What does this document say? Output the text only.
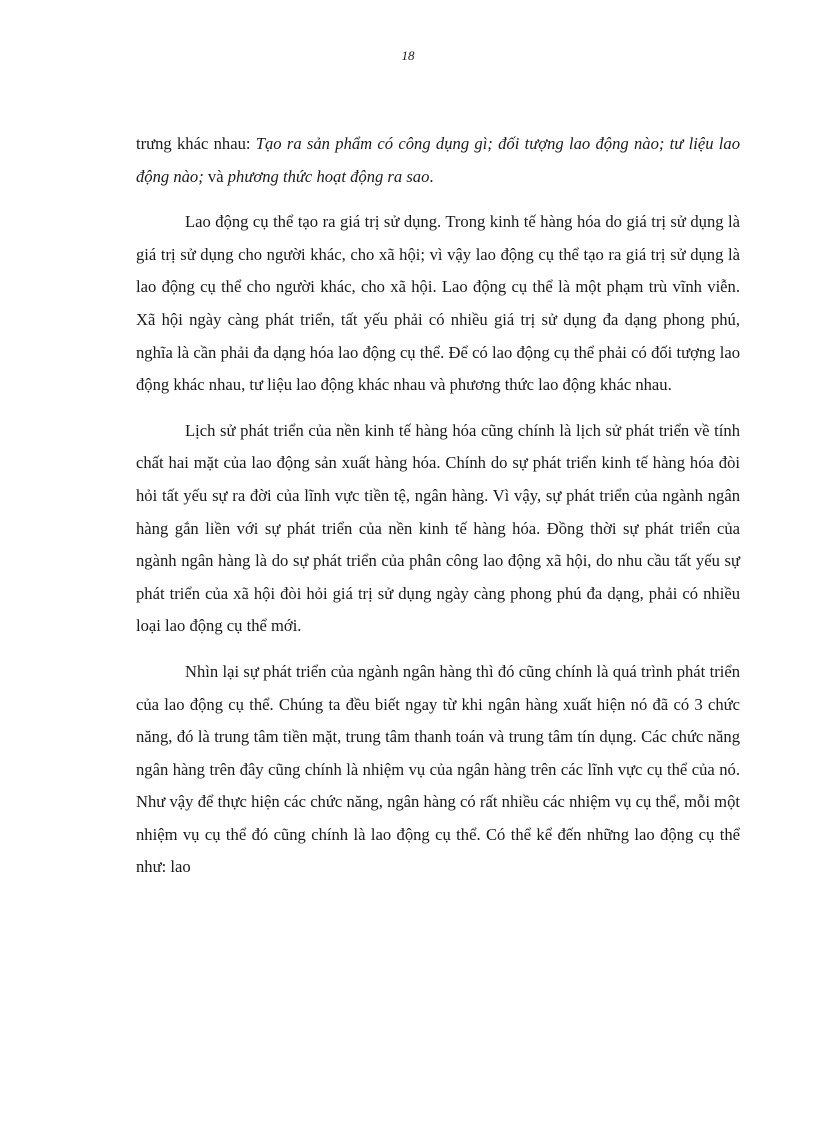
18

trưng khác nhau: Tạo ra sản phẩm có công dụng gì; đối tượng lao động nào; tư liệu lao động nào; và phương thức hoạt động ra sao.

Lao động cụ thể tạo ra giá trị sử dụng. Trong kinh tế hàng hóa do giá trị sử dụng là giá trị sử dụng cho người khác, cho xã hội; vì vậy lao động cụ thể tạo ra giá trị sử dụng là lao động cụ thể cho người khác, cho xã hội. Lao động cụ thể là một phạm trù vĩnh viễn. Xã hội ngày càng phát triển, tất yếu phải có nhiều giá trị sử dụng đa dạng phong phú, nghĩa là cần phải đa dạng hóa lao động cụ thể. Để có lao động cụ thể phải có đối tượng lao động khác nhau, tư liệu lao động khác nhau và phương thức lao động khác nhau.

Lịch sử phát triển của nền kinh tế hàng hóa cũng chính là lịch sử phát triển về tính chất hai mặt của lao động sản xuất hàng hóa. Chính do sự phát triển kinh tế hàng hóa đòi hỏi tất yếu sự ra đời của lĩnh vực tiền tệ, ngân hàng. Vì vậy, sự phát triển của ngành ngân hàng gắn liền với sự phát triển của nền kinh tế hàng hóa. Đồng thời sự phát triển của ngành ngân hàng là do sự phát triển của phân công lao động xã hội, do nhu cầu tất yếu sự phát triển của xã hội đòi hỏi giá trị sử dụng ngày càng phong phú đa dạng, phải có nhiều loại lao động cụ thể mới.

Nhìn lại sự phát triển của ngành ngân hàng thì đó cũng chính là quá trình phát triển của lao động cụ thể. Chúng ta đều biết ngay từ khi ngân hàng xuất hiện nó đã có 3 chức năng, đó là trung tâm tiền mặt, trung tâm thanh toán và trung tâm tín dụng. Các chức năng ngân hàng trên đây cũng chính là nhiệm vụ của ngân hàng trên các lĩnh vực cụ thể của nó. Như vậy để thực hiện các chức năng, ngân hàng có rất nhiều các nhiệm vụ cụ thể, mỗi một nhiệm vụ cụ thể đó cũng chính là lao động cụ thể. Có thể kể đến những lao động cụ thể như: lao
